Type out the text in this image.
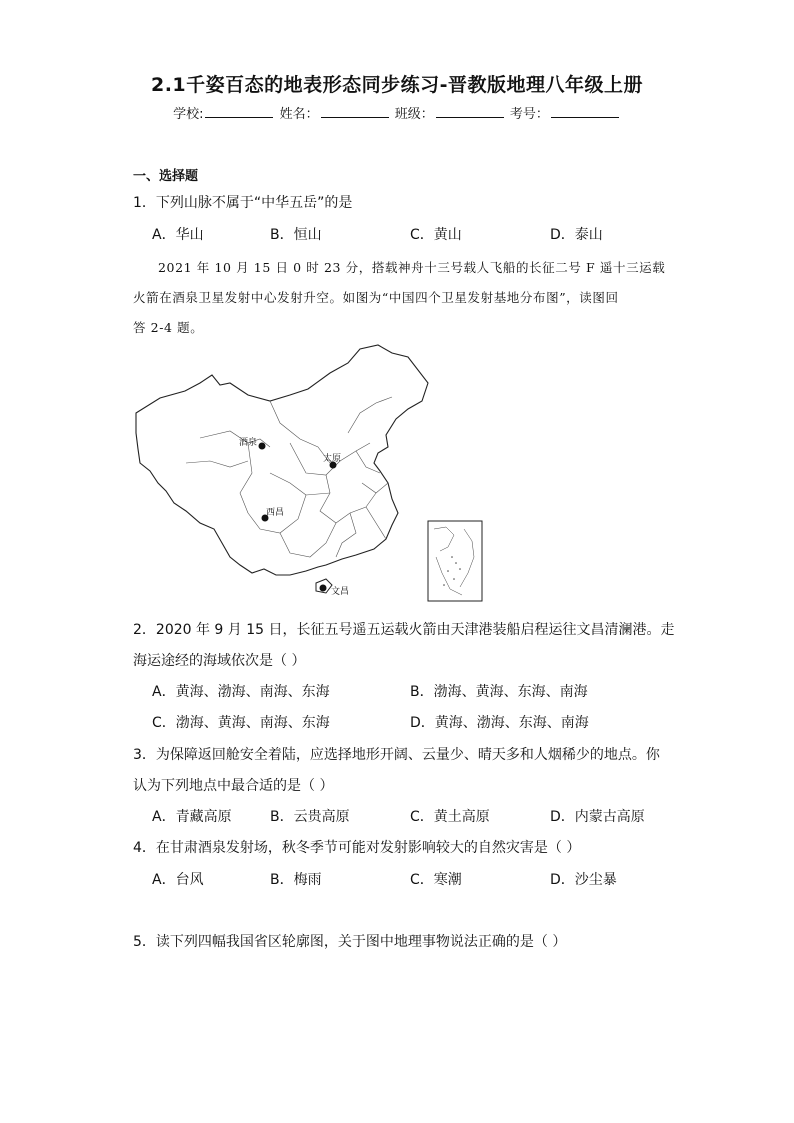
2.1千姿百态的地表形态同步练习-晋教版地理八年级上册
学校:	姓名：	班级：	考号：
一、选择题
1．下列山脉不属于“中华五岳”的是
A．华山	B．恒山	C．黄山	D．泰山
2021 年 10 月 15 日 0 时 23 分，搭载神舟十三号载人飞船的长征二号 F 遥十三运载
火箭在酒泉卫星发射中心发射升空。如图为“中国四个卫星发射基地分布图”，读图回
答 2-4 题。
酒泉
太原
西昌
文昌
2．2020 年 9 月 15 日，长征五号遥五运载火箭由天津港装船启程运往文昌清澜港。走
海运途经的海域依次是（ ）
A．黄海、渤海、南海、东海	B．渤海、黄海、东海、南海
C．渤海、黄海、南海、东海	D．黄海、渤海、东海、南海
3．为保障返回舱安全着陆，应选择地形开阔、云量少、晴天多和人烟稀少的地点。你
认为下列地点中最合适的是（ ）
A．青藏高原	B．云贵高原	C．黄土高原	D．内蒙古高原
4．在甘肃酒泉发射场，秋冬季节可能对发射影响较大的自然灾害是（ ）
A．台风	B．梅雨	C．寒潮	D．沙尘暴
5．读下列四幅我国省区轮廓图，关于图中地理事物说法正确的是（ ）
